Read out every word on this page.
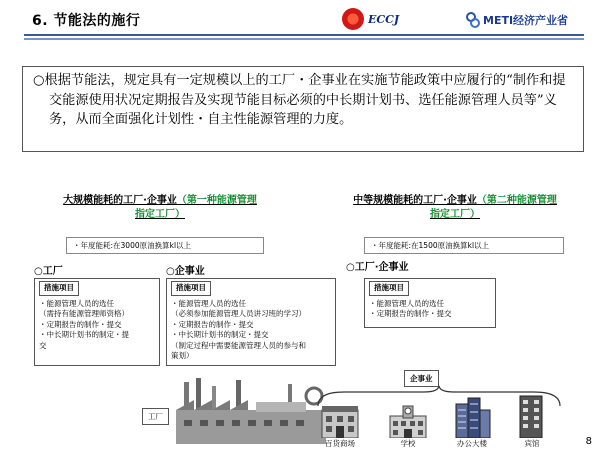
6. 节能法的施行	ECCJ	METI经济产业省
○根据节能法，规定具有一定规模以上的工厂・企事业在实施节能政策中应履行的“制作和提交能源使用状况定期报告及实现节能目标必须的中长期计划书、选任能源管理人员等”义务，从而全面强化计划性・自主性能源管理的力度。
大规模能耗的工厂·企事业（第一种能源管理指定工厂）
・年度能耗:在3000原油换算kl以上
○工厂
措施项目
・能源管理人员的选任
（需持有能源管理师资格）
・定期报告的制作・提交
・中长期计划书的制定・提
交
○企事业
措施项目
・能源管理人员的选任
（必须参加能源管理人员讲习班的学习）
・定期报告的制作・提交
・中长期计划书的制定・提交
（制定过程中需要能源管理人员的参与和
策划）
中等规模能耗的工厂·企事业（第二种能源管理指定工厂）
・年度能耗:在1500原油换算kl以上
○工厂·企事业
措施项目
・能源管理人员的选任
・定期报告的制作・提交
工厂
企事业
百货商场	学校	办公大楼	宾馆	8
